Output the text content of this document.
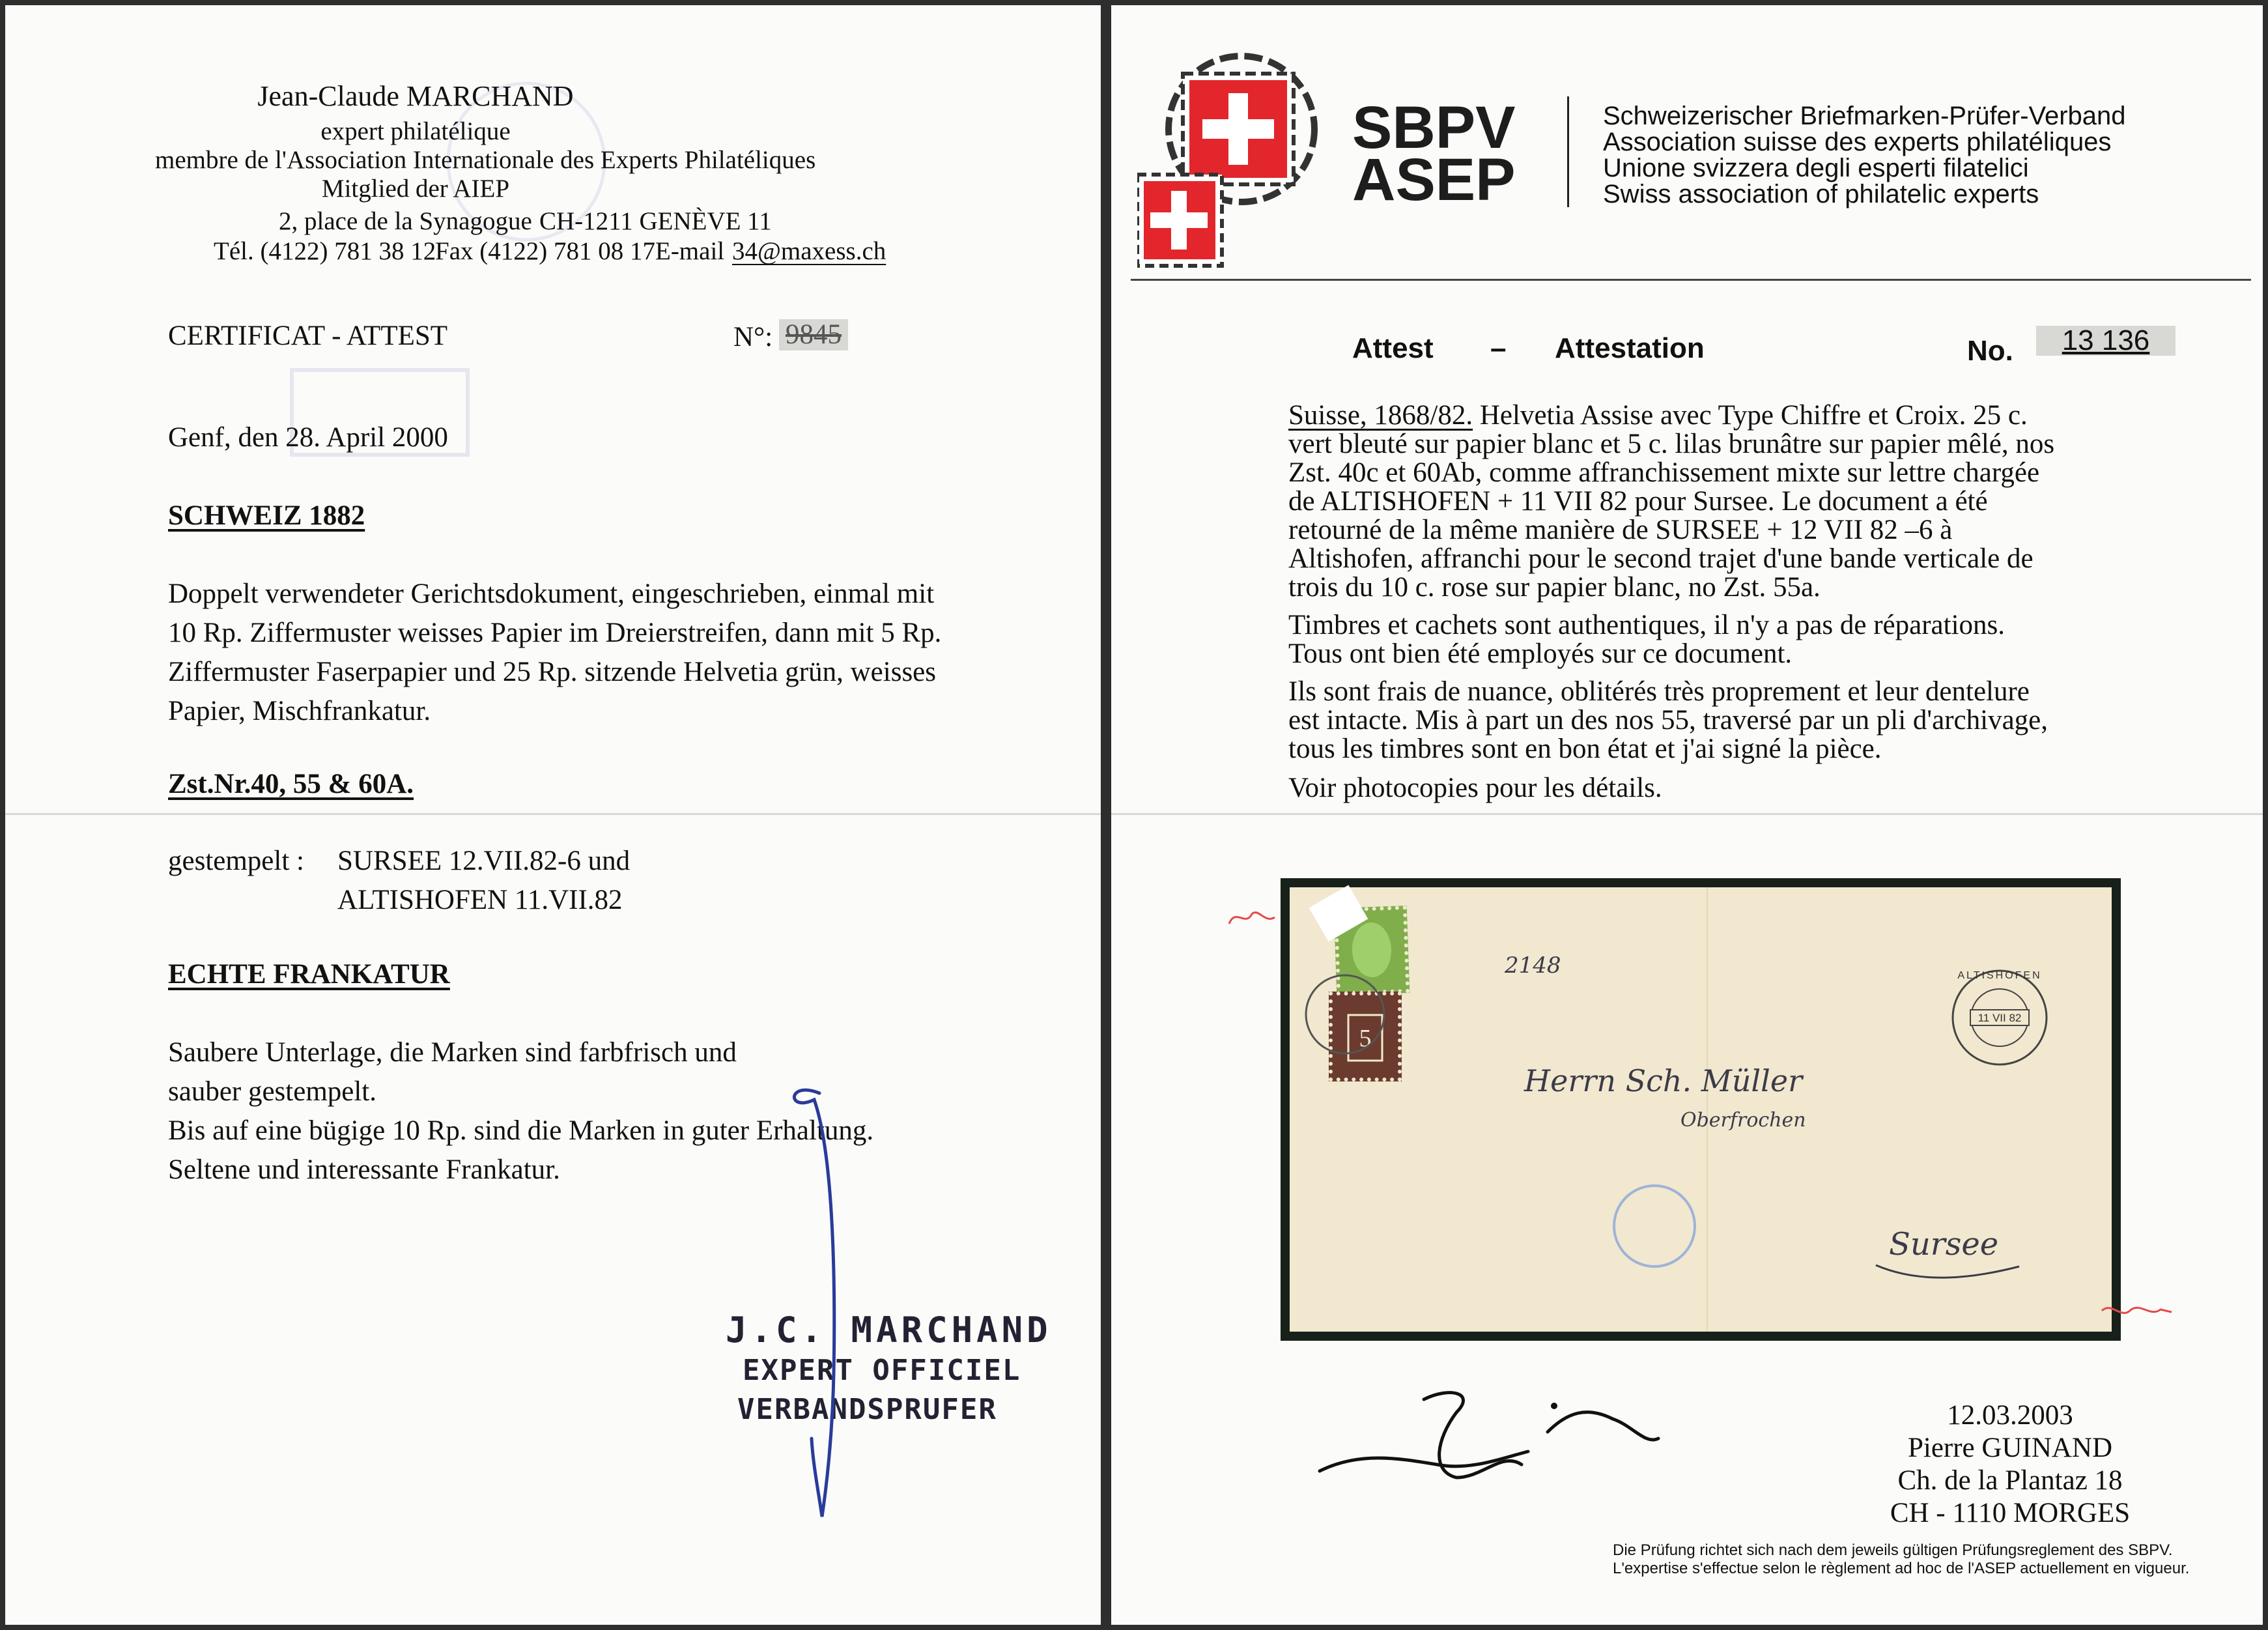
Jean-Claude MARCHAND
expert philatélique
membre de l'Association Internationale des Experts Philatéliques
Mitglied der AIEP
2, place de la Synagogue CH-1211 GENÈVE 11
Tél. (4122) 781 38 12
Fax (4122) 781 08 17 E-mail 34@maxess.ch
CERTIFICAT - ATTEST	N°: 9845
Genf, den 28. April 2000
SCHWEIZ 1882
Doppelt verwendeter Gerichtsdokument, eingeschrieben, einmal mit
10 Rp. Ziffermuster weisses Papier im Dreierstreifen, dann mit 5 Rp.
Ziffermuster Faserpapier und 25 Rp. sitzende Helvetia grün, weisses
Papier, Mischfrankatur.
Zst.Nr.40, 55 & 60A.
gestempelt : SURSEE 12.VII.82-6 und
ALTISHOFEN 11.VII.82
ECHTE FRANKATUR
Saubere Unterlage, die Marken sind farbfrisch und
sauber gestempelt.
Bis auf eine bügige 10 Rp. sind die Marken in guter Erhaltung.
Seltene und interessante Frankatur.
J.C. MARCHAND
EXPERT OFFICIEL
VERBANDSPRUFER
SBPV
ASEP
Schweizerischer Briefmarken-Prüfer-Verband
Association suisse des experts philatéliques
Unione svizzera degli esperti filatelici
Swiss association of philatelic experts
Attest – Attestation	No.	13 136
Suisse, 1868/82. Helvetia Assise avec Type Chiffre et Croix. 25 c.
vert bleuté sur papier blanc et 5 c. lilas brunâtre sur papier mêlé, nos
Zst. 40c et 60Ab, comme affranchissement mixte sur lettre chargée
de ALTISHOFEN + 11 VII 82 pour Sursee. Le document a été
retourné de la même manière de SURSEE + 12 VII 82 –6 à
Altishofen, affranchi pour le second trajet d'une bande verticale de
trois du 10 c. rose sur papier blanc, no Zst. 55a.
Timbres et cachets sont authentiques, il n'y a pas de réparations.
Tous ont bien été employés sur ce document.
Ils sont frais de nuance, oblitérés très proprement et leur dentelure
est intacte. Mis à part un des nos 55, traversé par un pli d'archivage,
tous les timbres sont en bon état et j'ai signé la pièce.
Voir photocopies pour les détails.
5
ALTISHOFEN
11 VII 82
2148
Herrn Sch. Müller
Oberfrochen
Sursee
12.03.2003
Pierre GUINAND
Ch. de la Plantaz 18
CH - 1110 MORGES
Die Prüfung richtet sich nach dem jeweils gültigen Prüfungsreglement des SBPV.
L'expertise s'effectue selon le règlement ad hoc de l'ASEP actuellement en vigueur.
